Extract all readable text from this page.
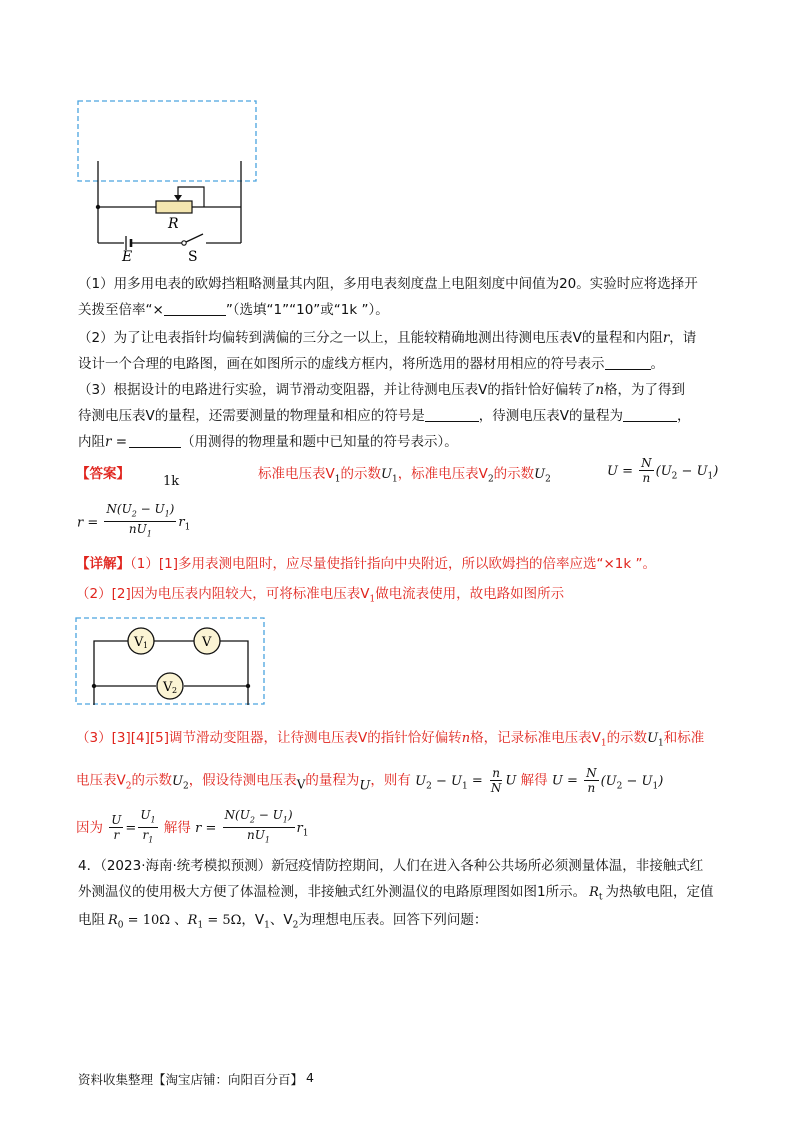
R
E	S
（1）用多用电表的欧姆挡粗略测量其内阻，多用电表刻度盘上电阻刻度中间值为20。实验时应将选择开
关拨至倍率“×	”（选填“1”“10”或“1k ”）。
（2）为了让电表指针均偏转到满偏的三分之一以上，且能较精确地测出待测电压表V的量程和内阻r，请
设计一个合理的电路图，画在如图所示的虚线方框内，将所选用的器材用相应的符号表示	。
（3）根据设计的电路进行实验，调节滑动变阻器，并让待测电压表V的指针恰好偏转了n格，为了得到
待测电压表V的量程，还需要测量的物理量和相应的符号是	，待测电压表V的量程为	，
内阻r =	（用测得的物理量和题中已知量的符号表示）。
【答案】	1k	标准电压表$V_1$的示数$U_1$，标准电压表$V_2$的示数$U_2$
$U = \frac{N}{n} (U_2 - U_1)$
$r = \frac{N(U_2 - U_1)}{nU_1} r_1$
【详解】（1）[1]多用表测电阻时，应尽量使指针指向中央附近，所以欧姆挡的倍率应选“×1k ”。
（2）[2]因为电压表内阻较大，可将标准电压表$V_1$做电流表使用，故电路如图所示
V 1	V
V 2
（3）[3][4][5]调节滑动变阻器，让待测电压表V的指针恰好偏转n格，记录标准电压表$V_1$的示数$U_1$和标准
电压表$V_2$的示数$U_2$，假设待测电压表V的量程为U，则有 $U_2 - U_1 = \frac{n}{N}$ U 解得 $U = \frac{N}{n} (U_2 - U_1)$
因为 $\frac{U}{r} = \frac{U_1}{r_1}$ 解得 $r = \frac{N(U_2 - U_1)}{nU_1} r_1$
4．（2023·海南·统考模拟预测）新冠疫情防控期间，人们在进入各种公共场所必须测量体温，非接触式红
外测温仪的使用极大方便了体温检测，非接触式红外测温仪的电路原理图如图1所示。 $R_t$ 为热敏电阻，定值
电阻 $R_0 = 10\Omega$ 、$R_1 = 5\Omega$，$V_1$、$V_2$为理想电压表。回答下列问题：
资料收集整理【淘宝店铺：向阳百分百】 4
